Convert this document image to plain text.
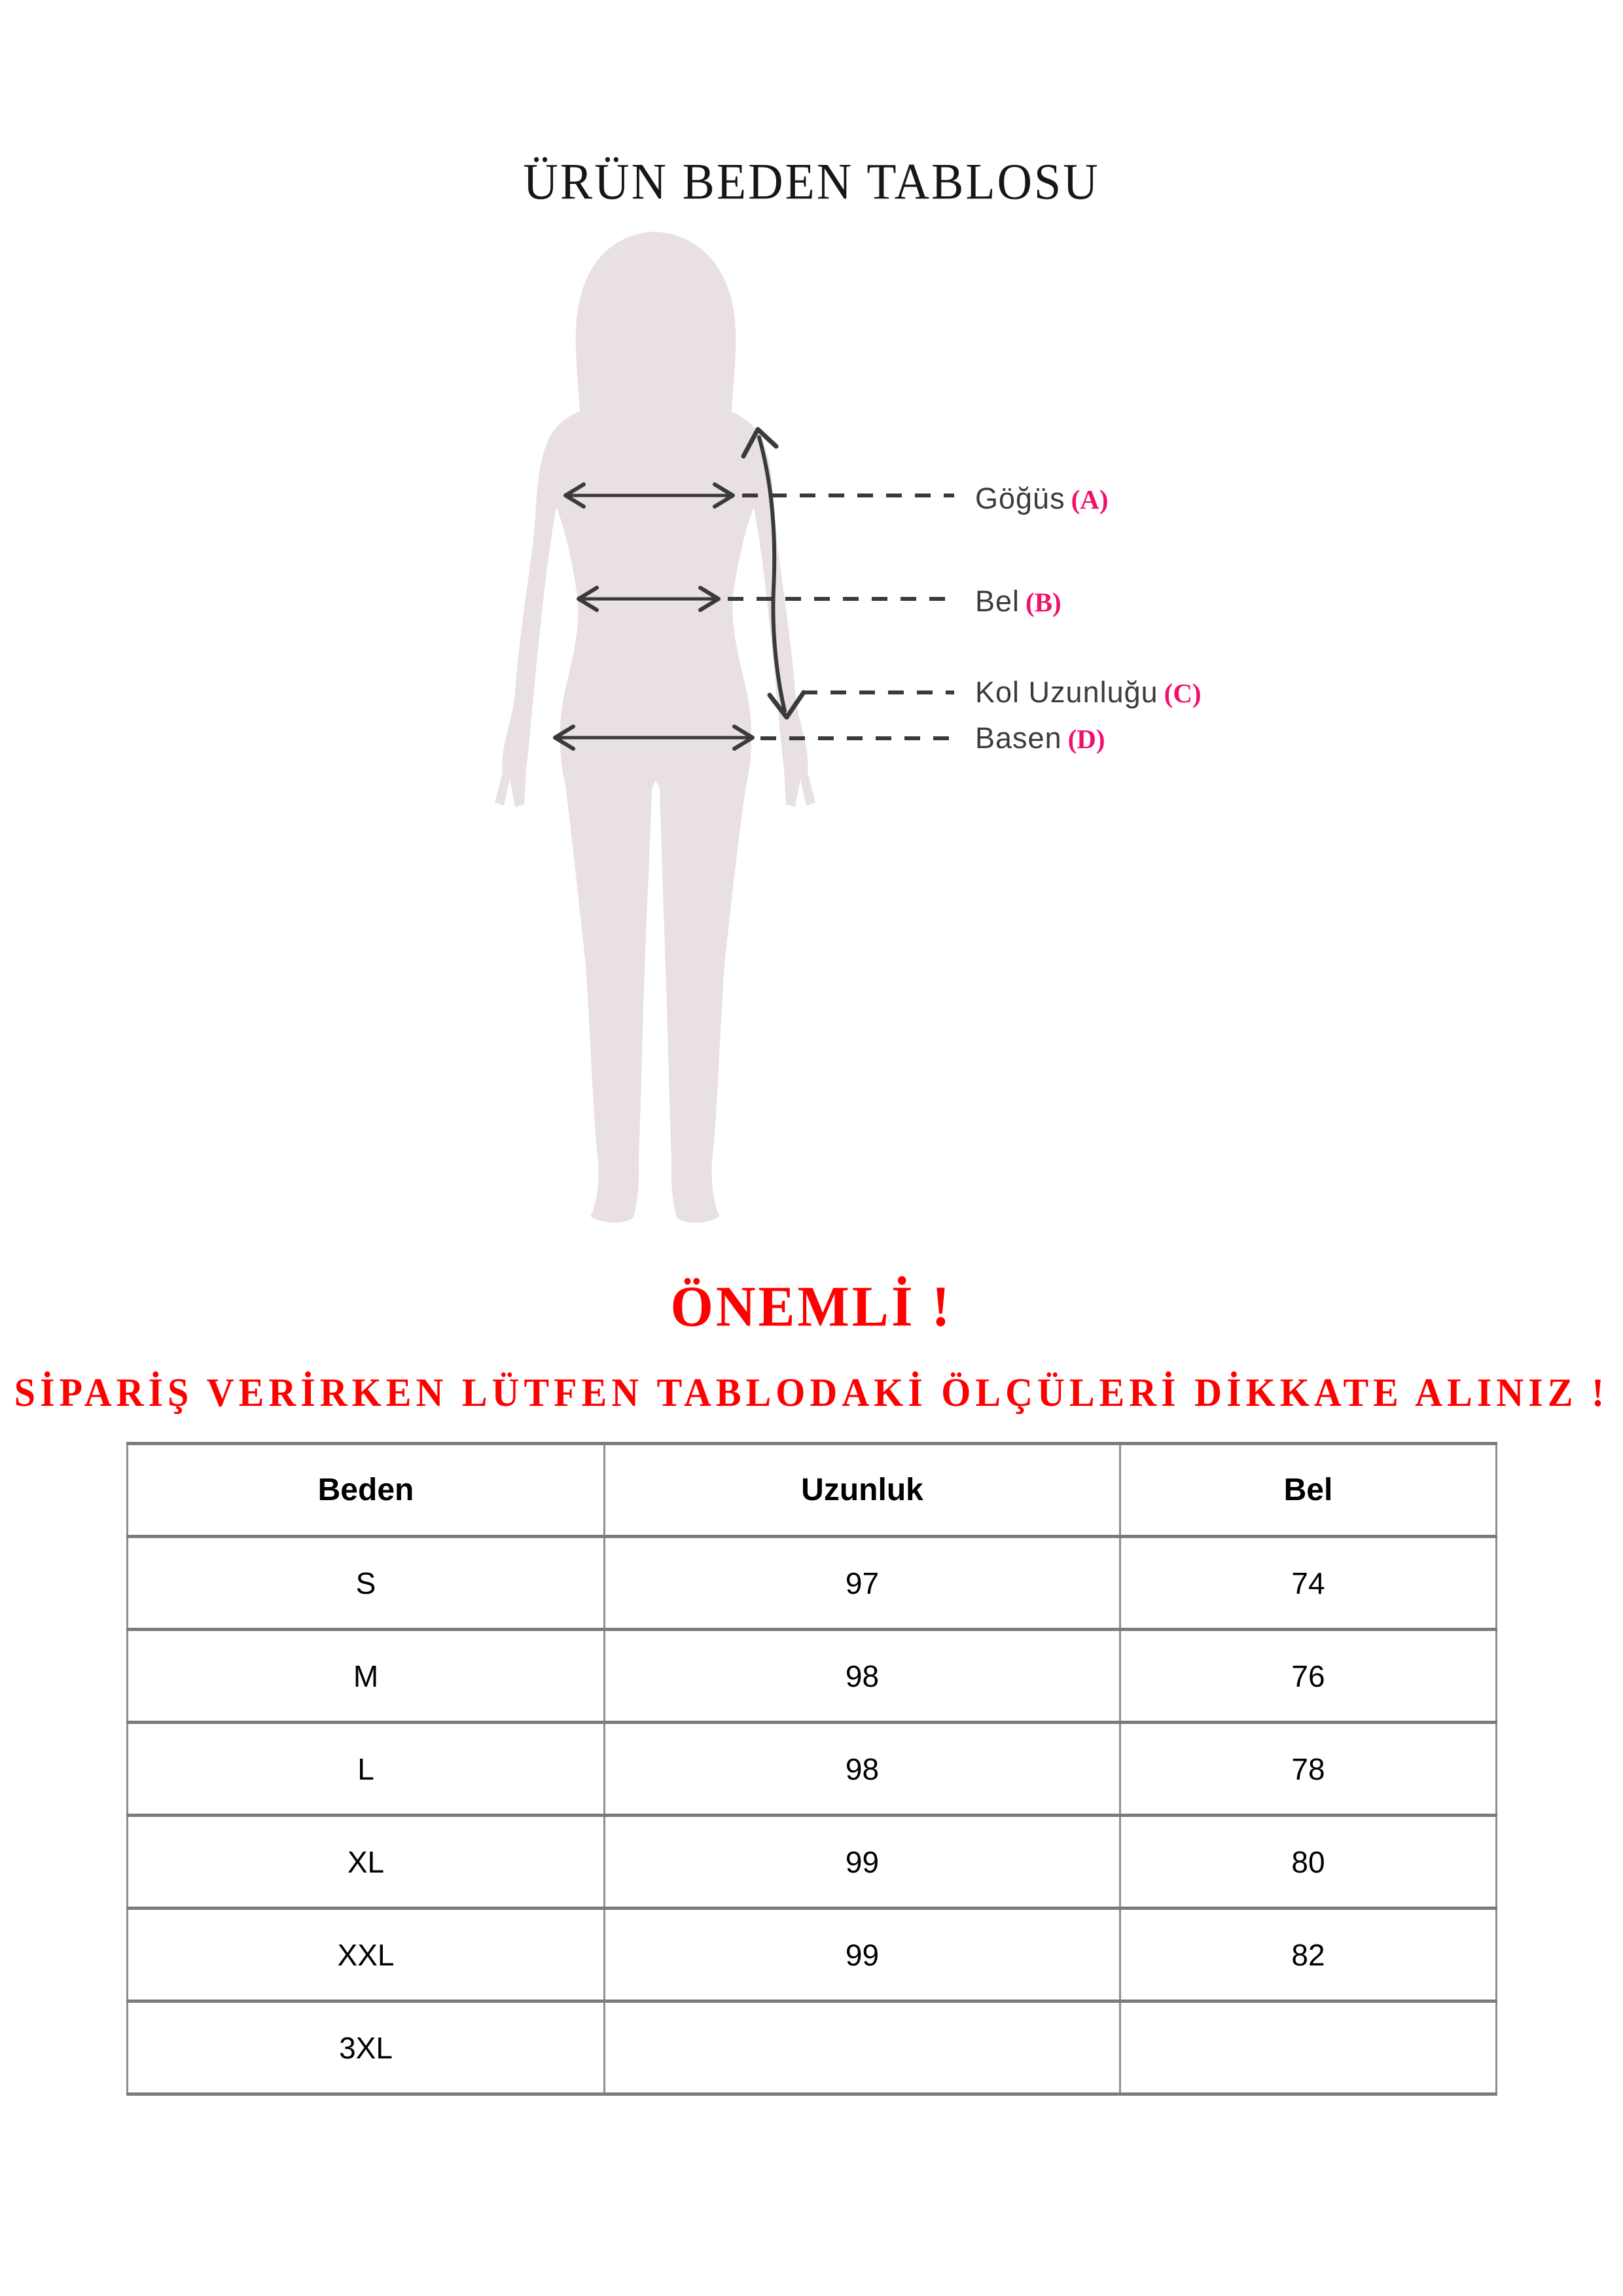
ÜRÜN BEDEN TABLOSU
Göğüs (A)
Bel (B)
Kol Uzunluğu (C)
Basen (D)
ÖNEMLİ !
SİPARİŞ VERİRKEN LÜTFEN TABLODAKİ ÖLÇÜLERİ DİKKATE ALINIZ !
Beden	Uzunluk	Bel
S	97	74
M	98	76
L	98	78
XL	99	80
XXL	99	82
3XL		
